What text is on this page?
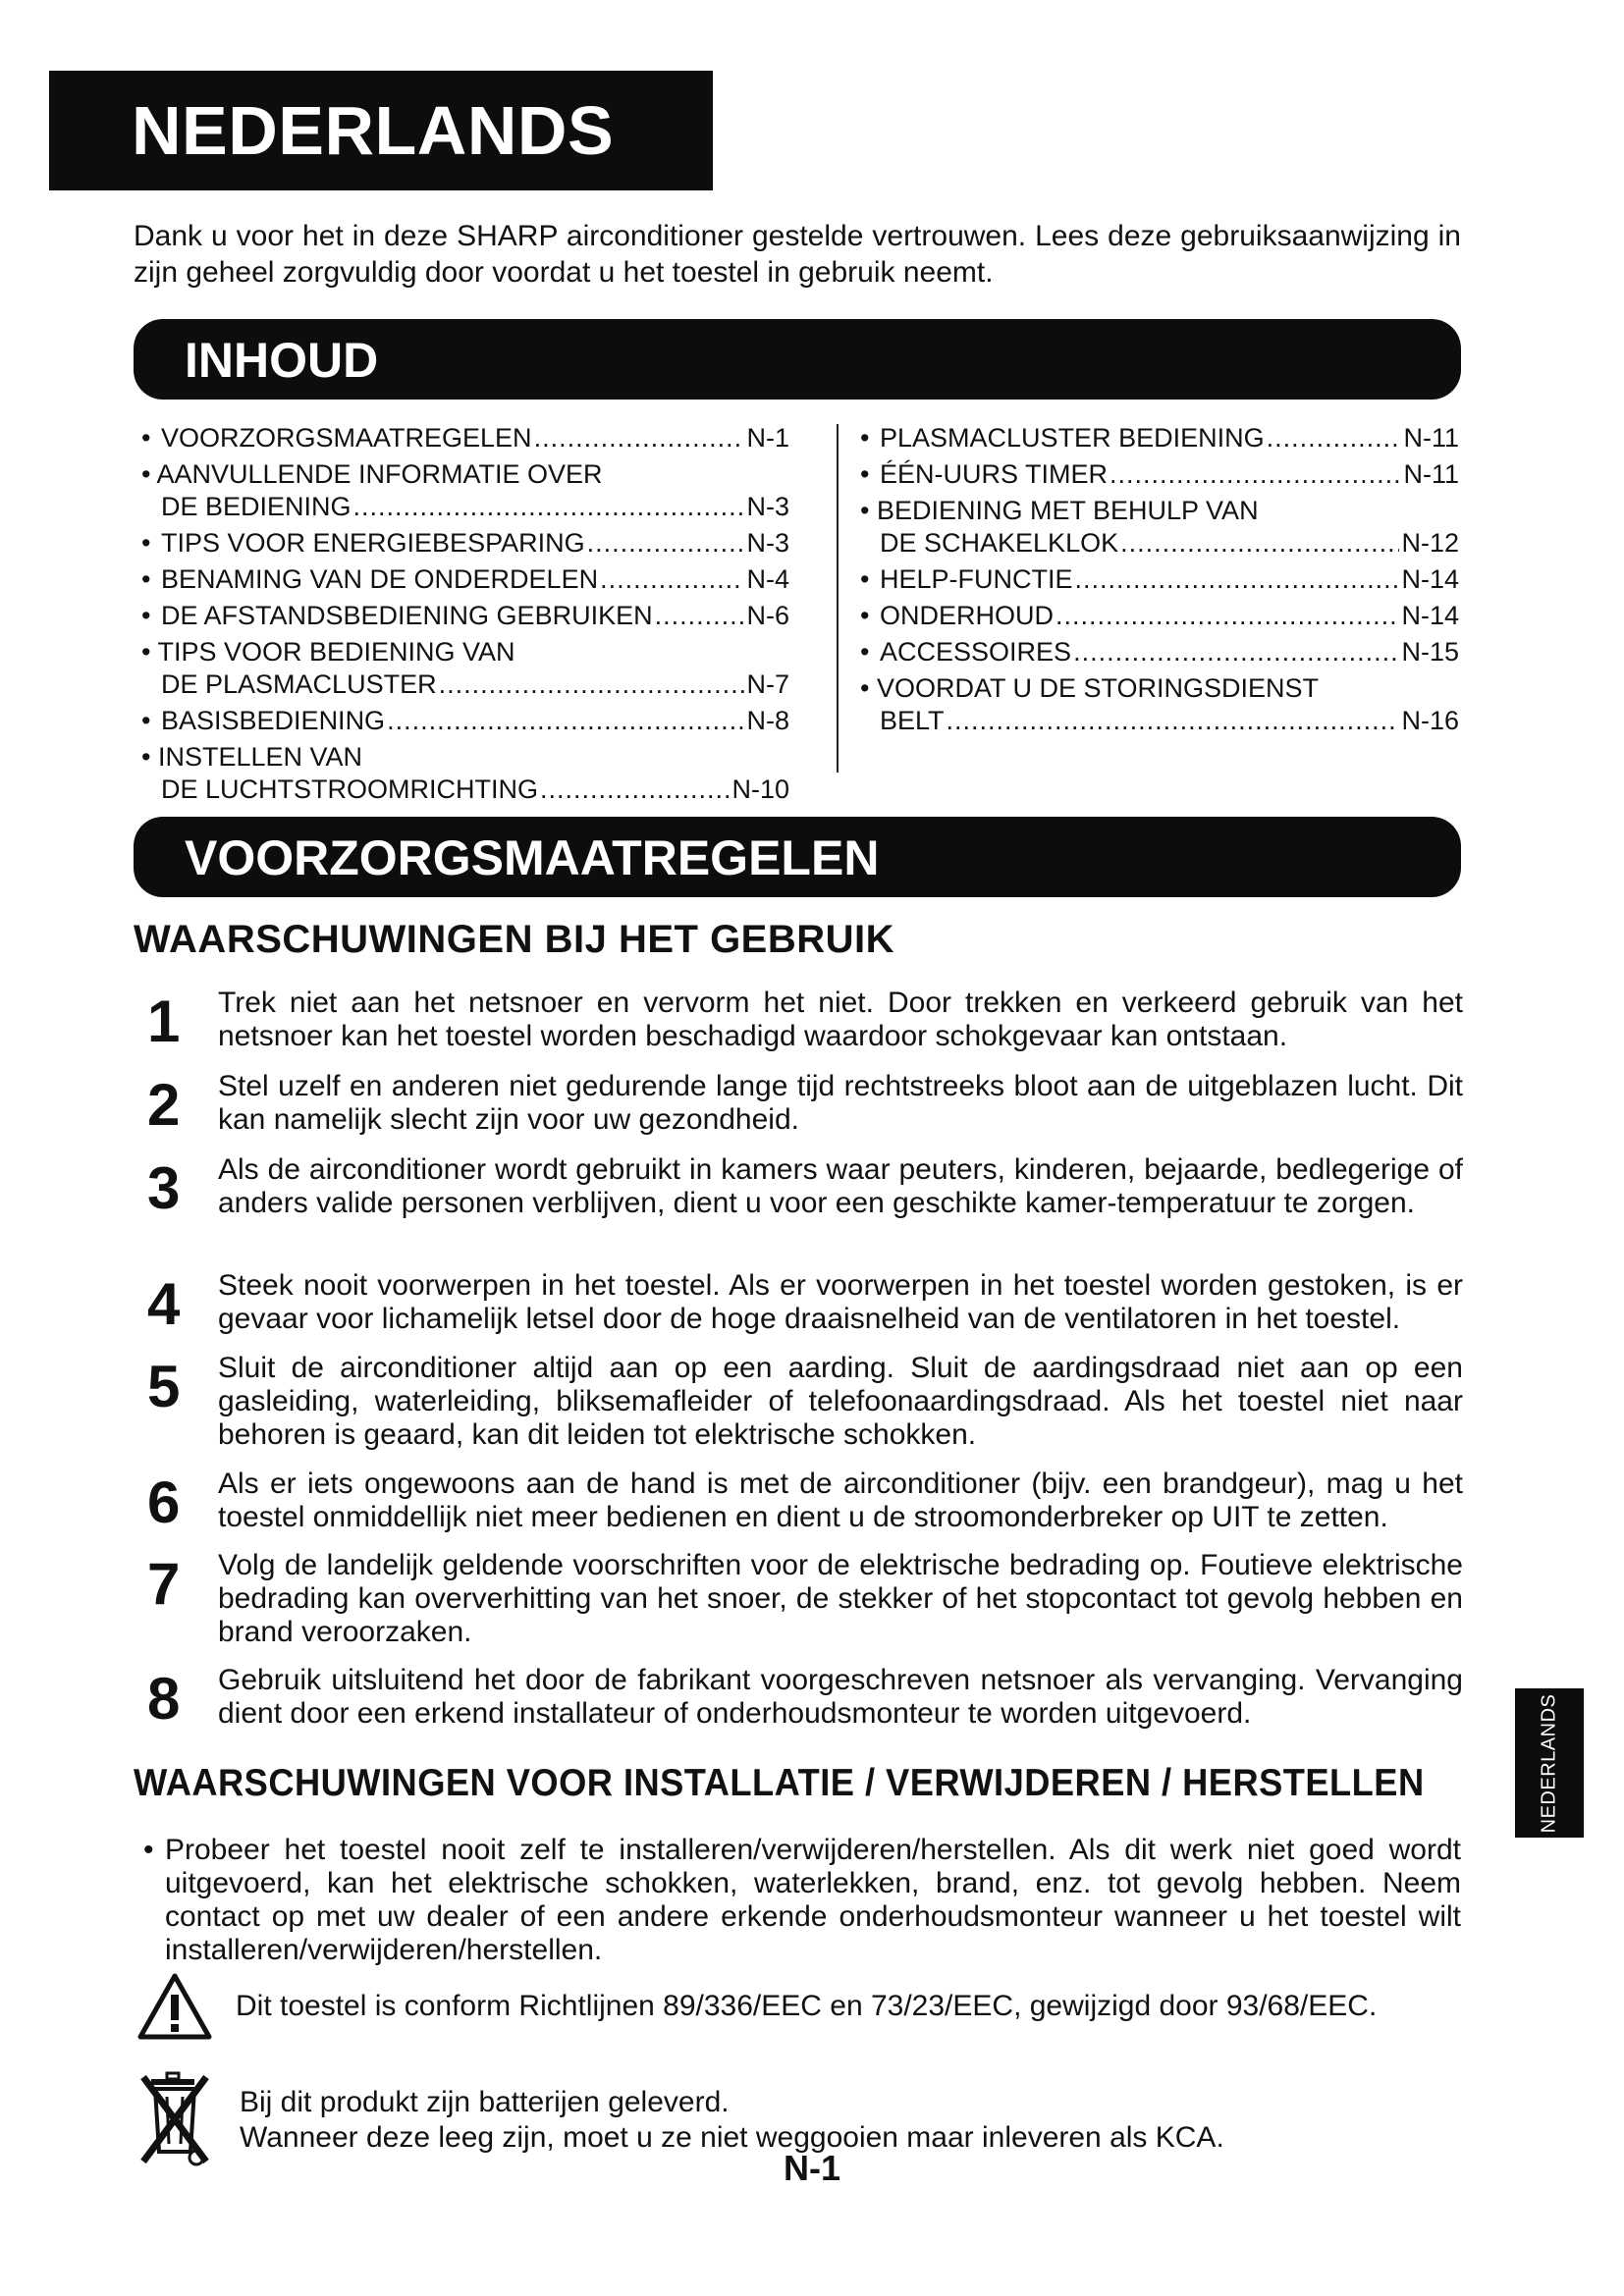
NEDERLANDS
Dank u voor het in deze SHARP airconditioner gestelde vertrouwen. Lees deze gebruiksaanwijzing in zijn geheel zorgvuldig door voordat u het toestel in gebruik neemt.
INHOUD
• VOORZORGSMAATREGELEN .....	N-1
• AANVULLENDE INFORMATIE OVER
DE BEDIENING .....	N-3
• TIPS VOOR ENERGIEBESPARING .....	N-3
• BENAMING VAN DE ONDERDELEN .....	N-4
• DE AFSTANDSBEDIENING GEBRUIKEN .....	N-6
• TIPS VOOR BEDIENING VAN
DE PLASMACLUSTER .....	N-7
• BASISBEDIENING .....	N-8
• INSTELLEN VAN
DE LUCHTSTROOMRICHTING .....	N-10
• PLASMACLUSTER BEDIENING .....	N-11
• ÉÉN-UURS TIMER .....	N-11
• BEDIENING MET BEHULP VAN
DE SCHAKELKLOK .....	N-12
• HELP-FUNCTIE .....	N-14
• ONDERHOUD .....	N-14
• ACCESSOIRES .....	N-15
• VOORDAT U DE STORINGSDIENST
BELT .....	N-16
VOORZORGSMAATREGELEN
WAARSCHUWINGEN BIJ HET GEBRUIK
1	Trek niet aan het netsnoer en vervorm het niet. Door trekken en verkeerd gebruik van het netsnoer kan het toestel worden beschadigd waardoor schokgevaar kan ontstaan.
2	Stel uzelf en anderen niet gedurende lange tijd rechtstreeks bloot aan de uitgeblazen lucht. Dit kan namelijk slecht zijn voor uw gezondheid.
3	Als de airconditioner wordt gebruikt in kamers waar peuters, kinderen, bejaarde, bedlegerige of anders valide personen verblijven, dient u voor een geschikte kamer-temperatuur te zorgen.
4	Steek nooit voorwerpen in het toestel. Als er voorwerpen in het toestel worden gestoken, is er gevaar voor lichamelijk letsel door de hoge draaisnelheid van de ventilatoren in het toestel.
5	Sluit de airconditioner altijd aan op een aarding. Sluit de aardingsdraad niet aan op een gasleiding, waterleiding, bliksemafleider of telefoonaardingsdraad. Als het toestel niet naar behoren is geaard, kan dit leiden tot elektrische schokken.
6	Als er iets ongewoons aan de hand is met de airconditioner (bijv. een brandgeur), mag u het toestel onmiddellijk niet meer bedienen en dient u de stroomonderbreker op UIT te zetten.
7	Volg de landelijk geldende voorschriften voor de elektrische bedrading op. Foutieve elektrische bedrading kan oververhitting van het snoer, de stekker of het stopcontact tot gevolg hebben en brand veroorzaken.
8	Gebruik uitsluitend het door de fabrikant voorgeschreven netsnoer als vervanging. Vervanging dient door een erkend installateur of onderhoudsmonteur te worden uitgevoerd.
WAARSCHUWINGEN VOOR INSTALLATIE / VERWIJDEREN / HERSTELLEN
• Probeer het toestel nooit zelf te installeren/verwijderen/herstellen. Als dit werk niet goed wordt uitgevoerd, kan het elektrische schokken, waterlekken, brand, enz. tot gevolg hebben. Neem contact op met uw dealer of een andere erkende onderhoudsmonteur wanneer u het toestel wilt installeren/verwijderen/herstellen.
Dit toestel is conform Richtlijnen 89/336/EEC en 73/23/EEC, gewijzigd door 93/68/EEC.
Bij dit produkt zijn batterijen geleverd.
Wanneer deze leeg zijn, moet u ze niet weggooien maar inleveren als KCA.
N-1
NEDERLANDS
